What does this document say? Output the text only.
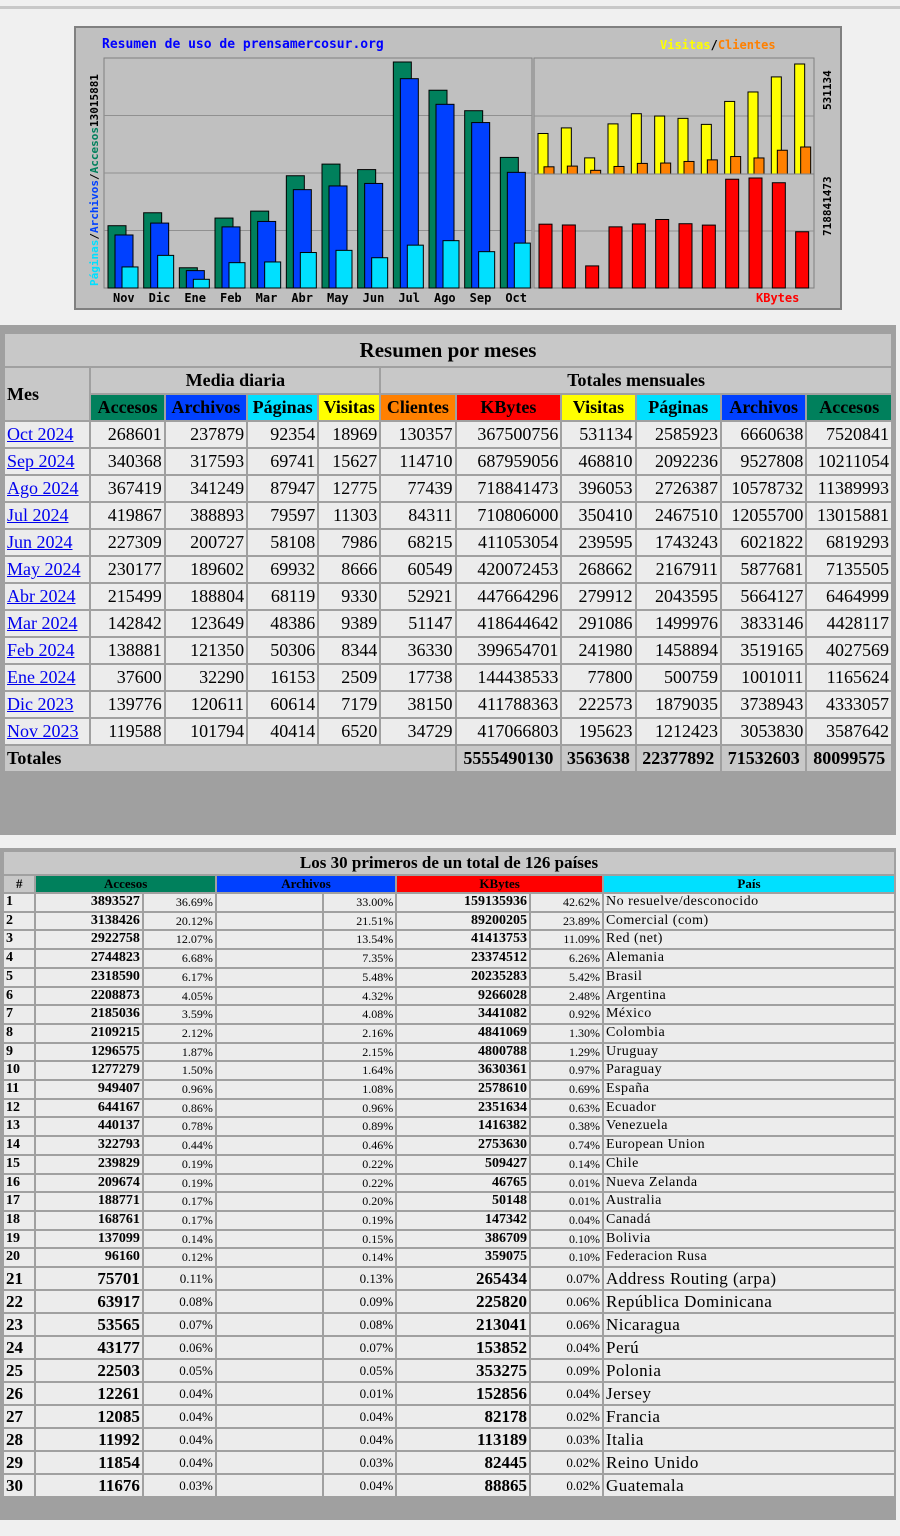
Resumen de uso de prensamercosur.org	Visitas/Clientes
Páginas/Archivos/Accesos13015881	531134
718841473
KBytes
Nov Dic Ene Feb Mar Abr May Jun Jul Ago Sep Oct
Resumen por meses										
Mes	Media diaria				Totales mensuales					
	Accesos	Archivos	Páginas	Visitas	Clientes	KBytes	Visitas	Páginas	Archivos	Accesos
Oct 2024	268601	237879	92354	18969	130357	367500756	531134	2585923	6660638	7520841
Sep 2024	340368	317593	69741	15627	114710	687959056	468810	2092236	9527808	10211054
Ago 2024	367419	341249	87947	12775	77439	718841473	396053	2726387	10578732	11389993
Jul 2024	419867	388893	79597	11303	84311	710806000	350410	2467510	12055700	13015881
Jun 2024	227309	200727	58108	7986	68215	411053054	239595	1743243	6021822	6819293
May 2024	230177	189602	69932	8666	60549	420072453	268662	2167911	5877681	7135505
Abr 2024	215499	188804	68119	9330	52921	447664296	279912	2043595	5664127	6464999
Mar 2024	142842	123649	48386	9389	51147	418644642	291086	1499976	3833146	4428117
Feb 2024	138881	121350	50306	8344	36330	399654701	241980	1458894	3519165	4027569
Ene 2024	37600	32290	16153	2509	17738	144438533	77800	500759	1001011	1165624
Dic 2023	139776	120611	60614	7179	38150	411788363	222573	1879035	3738943	4333057
Nov 2023	119588	101794	40414	6520	34729	417066803	195623	1212423	3053830	3587642
Totales						5555490130	3563638	22377892	71532603	80099575
Los 30 primeros de un total de 126 países							
#	Accesos		Archivos		KBytes		País
1	3893527	36.69%		33.00%	159135936	42.62%	No resuelve/desconocido
2	3138426	20.12%		21.51%	89200205	23.89%	Comercial (com)
3	2922758	12.07%		13.54%	41413753	11.09%	Red (net)
4	2744823	6.68%		7.35%	23374512	6.26%	Alemania
5	2318590	6.17%		5.48%	20235283	5.42%	Brasil
6	2208873	4.05%		4.32%	9266028	2.48%	Argentina
7	2185036	3.59%		4.08%	3441082	0.92%	México
8	2109215	2.12%		2.16%	4841069	1.30%	Colombia
9	1296575	1.87%		2.15%	4800788	1.29%	Uruguay
10	1277279	1.50%		1.64%	3630361	0.97%	Paraguay
11	949407	0.96%		1.08%	2578610	0.69%	España
12	644167	0.86%		0.96%	2351634	0.63%	Ecuador
13	440137	0.78%		0.89%	1416382	0.38%	Venezuela
14	322793	0.44%		0.46%	2753630	0.74%	European Union
15	239829	0.19%		0.22%	509427	0.14%	Chile
16	209674	0.19%		0.22%	46765	0.01%	Nueva Zelanda
17	188771	0.17%		0.20%	50148	0.01%	Australia
18	168761	0.17%		0.19%	147342	0.04%	Canadá
19	137099	0.14%		0.15%	386709	0.10%	Bolivia
20	96160	0.12%		0.14%	359075	0.10%	Federacion Rusa
21	75701	0.11%		0.13%	265434	0.07%	Address Routing (arpa)
22	63917	0.08%		0.09%	225820	0.06%	República Dominicana
23	53565	0.07%		0.08%	213041	0.06%	Nicaragua
24	43177	0.06%		0.07%	153852	0.04%	Perú
25	22503	0.05%		0.05%	353275	0.09%	Polonia
26	12261	0.04%		0.01%	152856	0.04%	Jersey
27	12085	0.04%		0.04%	82178	0.02%	Francia
28	11992	0.04%		0.04%	113189	0.03%	Italia
29	11854	0.04%		0.03%	82445	0.02%	Reino Unido
30	11676	0.03%		0.04%	88865	0.02%	Guatemala
